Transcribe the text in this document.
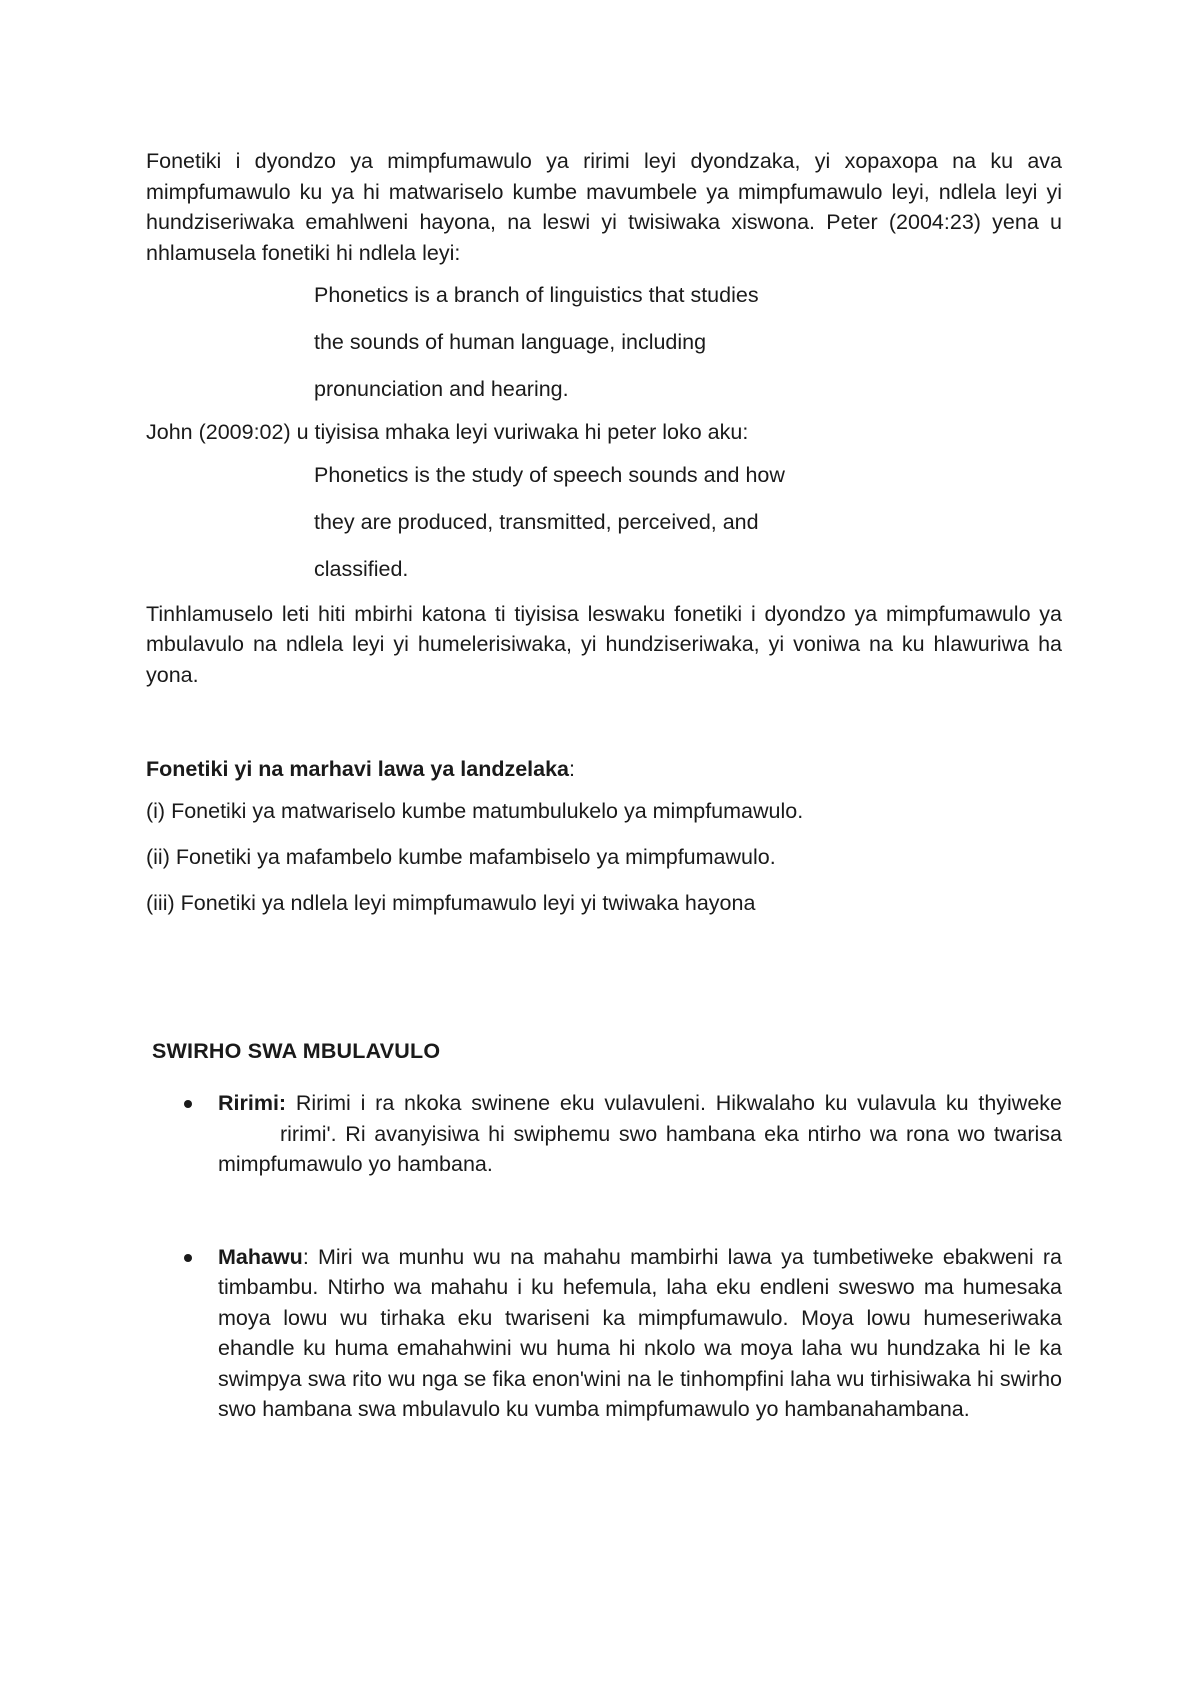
Fonetiki i dyondzo ya mimpfumawulo ya ririmi leyi dyondzaka, yi xopaxopa na ku ava mimpfumawulo ku ya hi matwariselo kumbe mavumbele ya mimpfumawulo leyi, ndlela leyi yi hundziseriwaka emahlweni hayona, na leswi yi twisiwaka xiswona. Peter (2004:23) yena u nhlamusela fonetiki hi ndlela leyi:

Phonetics is a branch of linguistics that studies

the sounds of human language, including

pronunciation and hearing.

John (2009:02) u tiyisisa mhaka leyi vuriwaka hi peter loko aku:

Phonetics is the study of speech sounds and how

they are produced, transmitted, perceived, and

classified.

Tinhlamuselo leti hiti mbirhi katona ti tiyisisa leswaku fonetiki i dyondzo ya mimpfumawulo ya mbulavulo na ndlela leyi yi humelerisiwaka, yi hundziseriwaka, yi voniwa na ku hlawuriwa ha yona.

Fonetiki yi na marhavi lawa ya landzelaka:

(i) Fonetiki ya matwariselo kumbe matumbulukelo ya mimpfumawulo.

(ii) Fonetiki ya mafambelo kumbe mafambiselo ya mimpfumawulo.

(iii) Fonetiki ya ndlela leyi mimpfumawulo leyi yi twiwaka hayona

SWIRHO SWA MBULAVULO

Ririmi: Ririmi i ra nkoka swinene eku vulavuleni. Hikwalaho ku vulavula ku thyiwekeririmi'. Ri avanyisiwa hi swiphemu swo hambana eka ntirho wa rona wo twarisa mimpfumawulo yo hambana.
Mahawu: Miri wa munhu wu na mahahu mambirhi lawa ya tumbetiweke ebakweni ra timbambu. Ntirho wa mahahu i ku hefemula, laha eku endleni sweswo ma humesaka moya lowu wu tirhaka eku twariseni ka mimpfumawulo. Moya lowu humeseriwaka ehandle ku huma emahahwini wu huma hi nkolo wa moya laha wu hundzaka hi le ka swimpya swa rito wu nga se fika enon'wini na le tinhompfini laha wu tirhisiwaka hi swirho swo hambana swa mbulavulo ku vumba mimpfumawulo yo hambanahambana.
